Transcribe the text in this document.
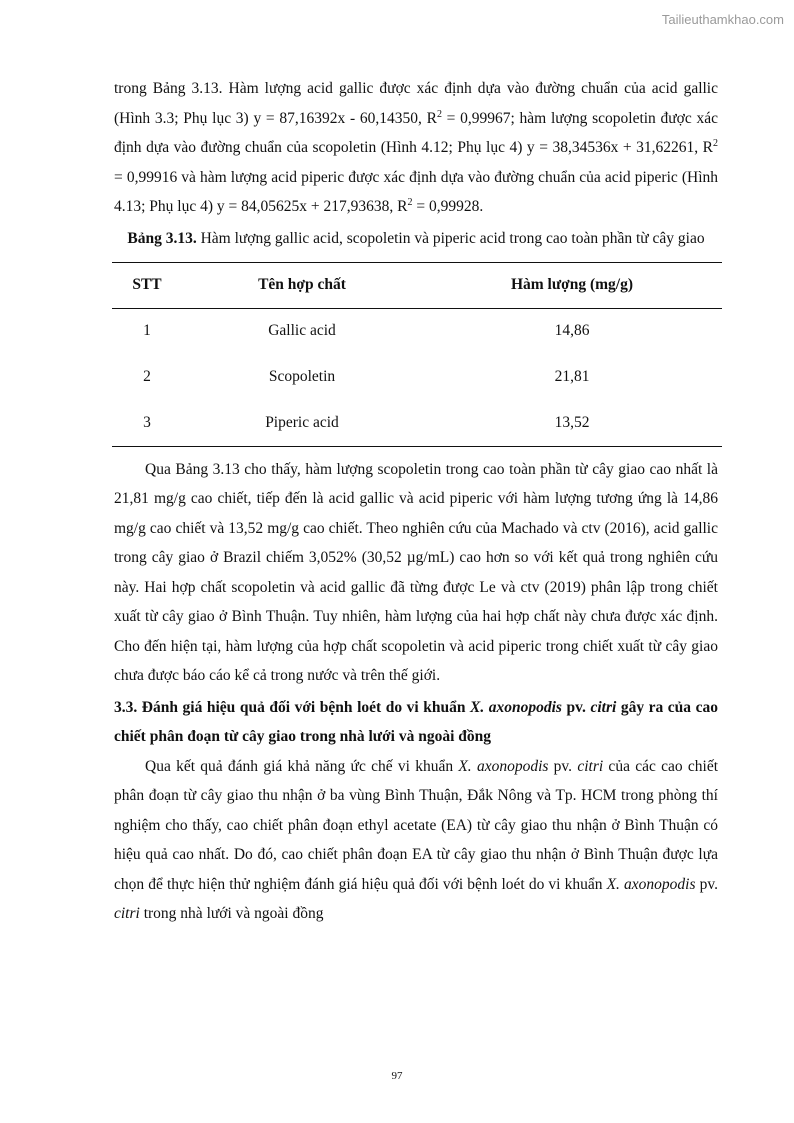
Tailieuthamkhao.com

trong Bảng 3.13. Hàm lượng acid gallic được xác định dựa vào đường chuẩn của acid gallic (Hình 3.3; Phụ lục 3) y = 87,16392x - 60,14350, $R^2 = 0,99967$; hàm lượng scopoletin được xác định dựa vào đường chuẩn của scopoletin (Hình 4.12; Phụ lục 4) y = 38,34536x + 31,62261, $R^2 = 0,99916$ và hàm lượng acid piperic được xác định dựa vào đường chuẩn của acid piperic (Hình 4.13; Phụ lục 4) y = 84,05625x + 217,93638, $R^2 = 0,99928$.

Bảng 3.13. Hàm lượng gallic acid, scopoletin và piperic acid trong cao toàn phần từ cây giao

STT	Tên hợp chất	Hàm lượng (mg/g)
1	Gallic acid	14,86
2	Scopoletin	21,81
3	Piperic acid	13,52

Qua Bảng 3.13 cho thấy, hàm lượng scopoletin trong cao toàn phần từ cây giao cao nhất là 21,81 mg/g cao chiết, tiếp đến là acid gallic và acid piperic với hàm lượng tương ứng là 14,86 mg/g cao chiết và 13,52 mg/g cao chiết. Theo nghiên cứu của Machado và ctv (2016), acid gallic trong cây giao ở Brazil chiếm 3,052% (30,52 µg/mL) cao hơn so với kết quả trong nghiên cứu này. Hai hợp chất scopoletin và acid gallic đã từng được Le và ctv (2019) phân lập trong chiết xuất từ cây giao ở Bình Thuận. Tuy nhiên, hàm lượng của hai hợp chất này chưa được xác định. Cho đến hiện tại, hàm lượng của hợp chất scopoletin và acid piperic trong chiết xuất từ cây giao chưa được báo cáo kể cả trong nước và trên thế giới.

3.3. Đánh giá hiệu quả đối với bệnh loét do vi khuẩn X. axonopodis pv. citri gây ra của cao chiết phân đoạn từ cây giao trong nhà lưới và ngoài đồng

Qua kết quả đánh giá khả năng ức chế vi khuẩn X. axonopodis pv. citri của các cao chiết phân đoạn từ cây giao thu nhận ở ba vùng Bình Thuận, Đắk Nông và Tp. HCM trong phòng thí nghiệm cho thấy, cao chiết phân đoạn ethyl acetate (EA) từ cây giao thu nhận ở Bình Thuận có hiệu quả cao nhất. Do đó, cao chiết phân đoạn EA từ cây giao thu nhận ở Bình Thuận được lựa chọn để thực hiện thử nghiệm đánh giá hiệu quả đối với bệnh loét do vi khuẩn X. axonopodis pv. citri trong nhà lưới và ngoài đồng

97
